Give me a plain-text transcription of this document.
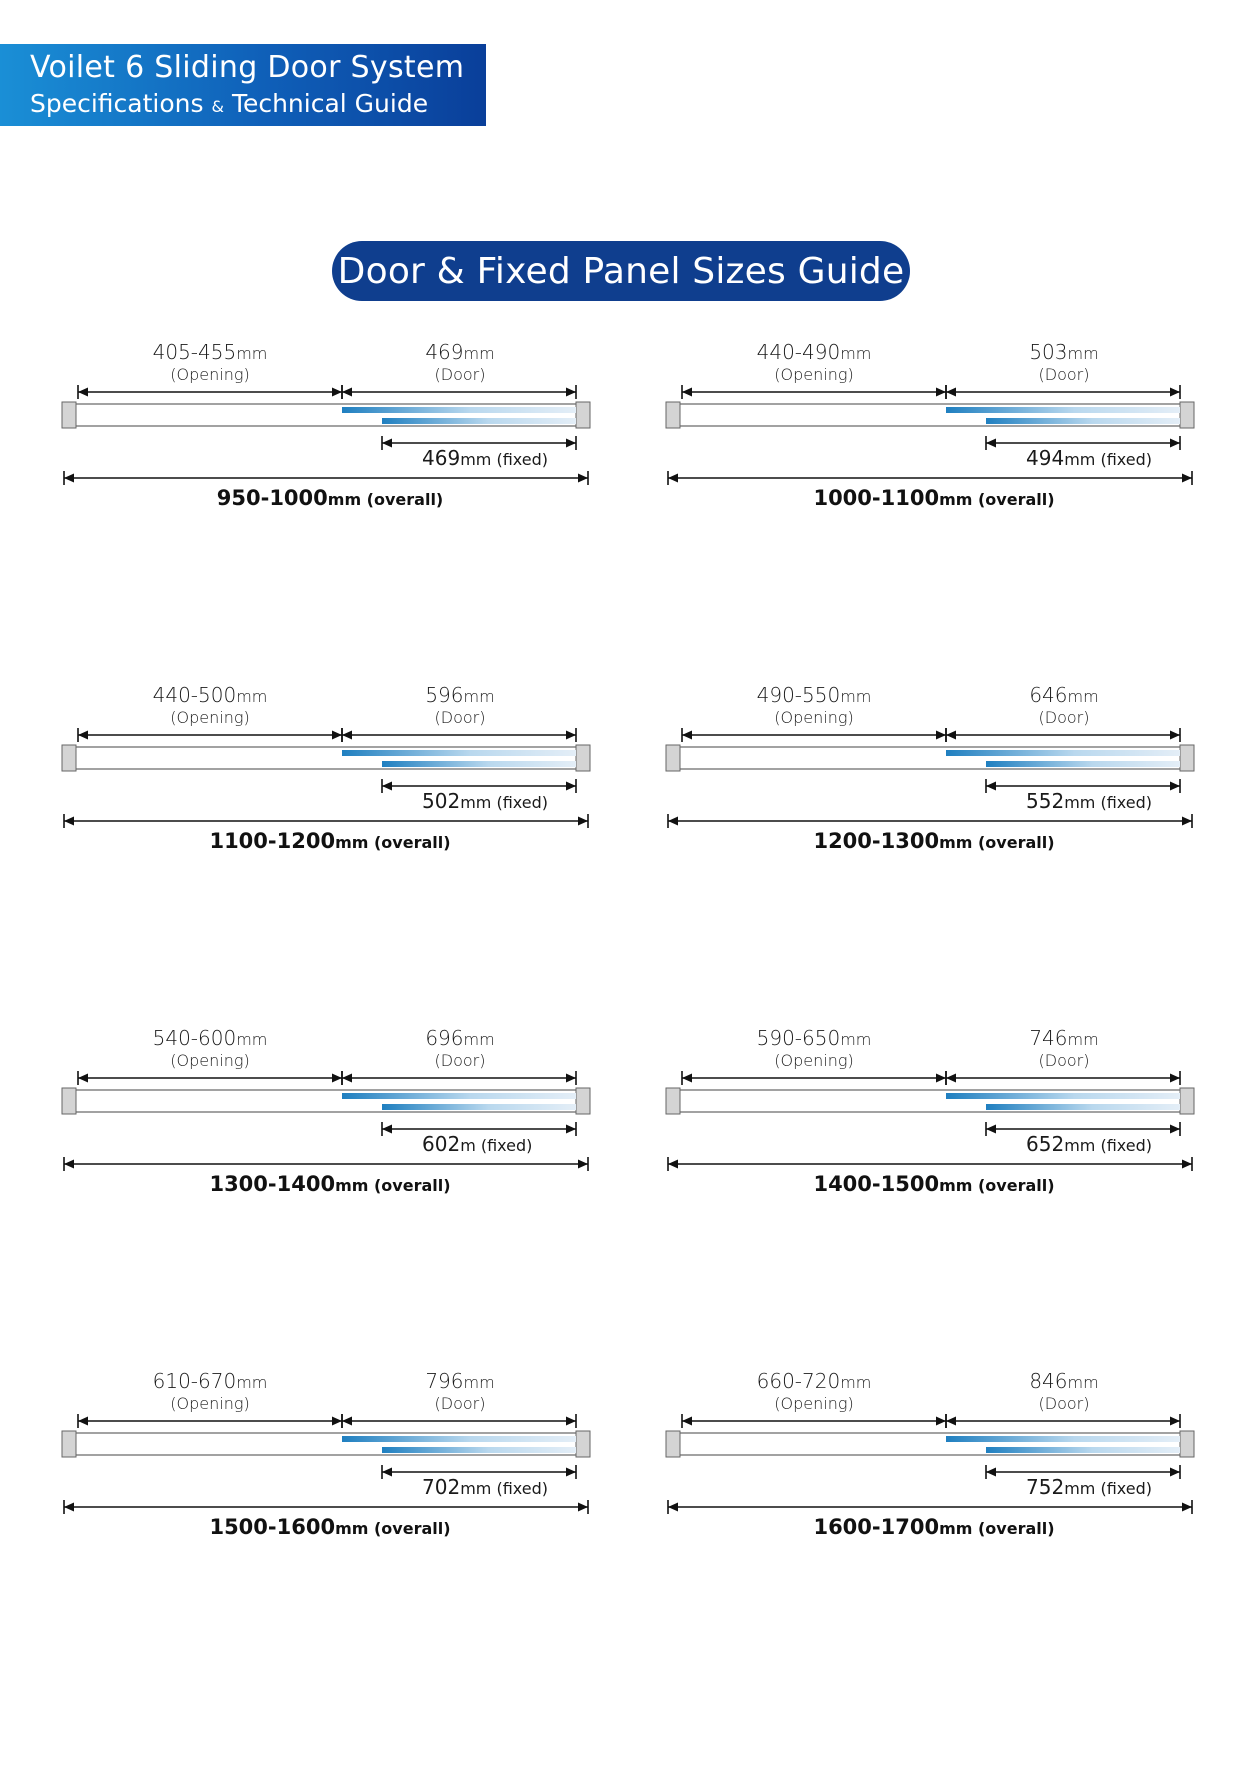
Voilet 6 Sliding Door System
Specifications & Technical Guide
Door & Fixed Panel Sizes Guide
405-455mm
(Opening)
469mm
(Door)
469mm (fixed)
950-1000mm (overall)
440-490mm
(Opening)
503mm
(Door)
494mm (fixed)
1000-1100mm (overall)
440-500mm
(Opening)
596mm
(Door)
502mm (fixed)
1100-1200mm (overall)
490-550mm
(Opening)
646mm
(Door)
552mm (fixed)
1200-1300mm (overall)
540-600mm
(Opening)
696mm
(Door)
602m (fixed)
1300-1400mm (overall)
590-650mm
(Opening)
746mm
(Door)
652mm (fixed)
1400-1500mm (overall)
610-670mm
(Opening)
796mm
(Door)
702mm (fixed)
1500-1600mm (overall)
660-720mm
(Opening)
846mm
(Door)
752mm (fixed)
1600-1700mm (overall)
